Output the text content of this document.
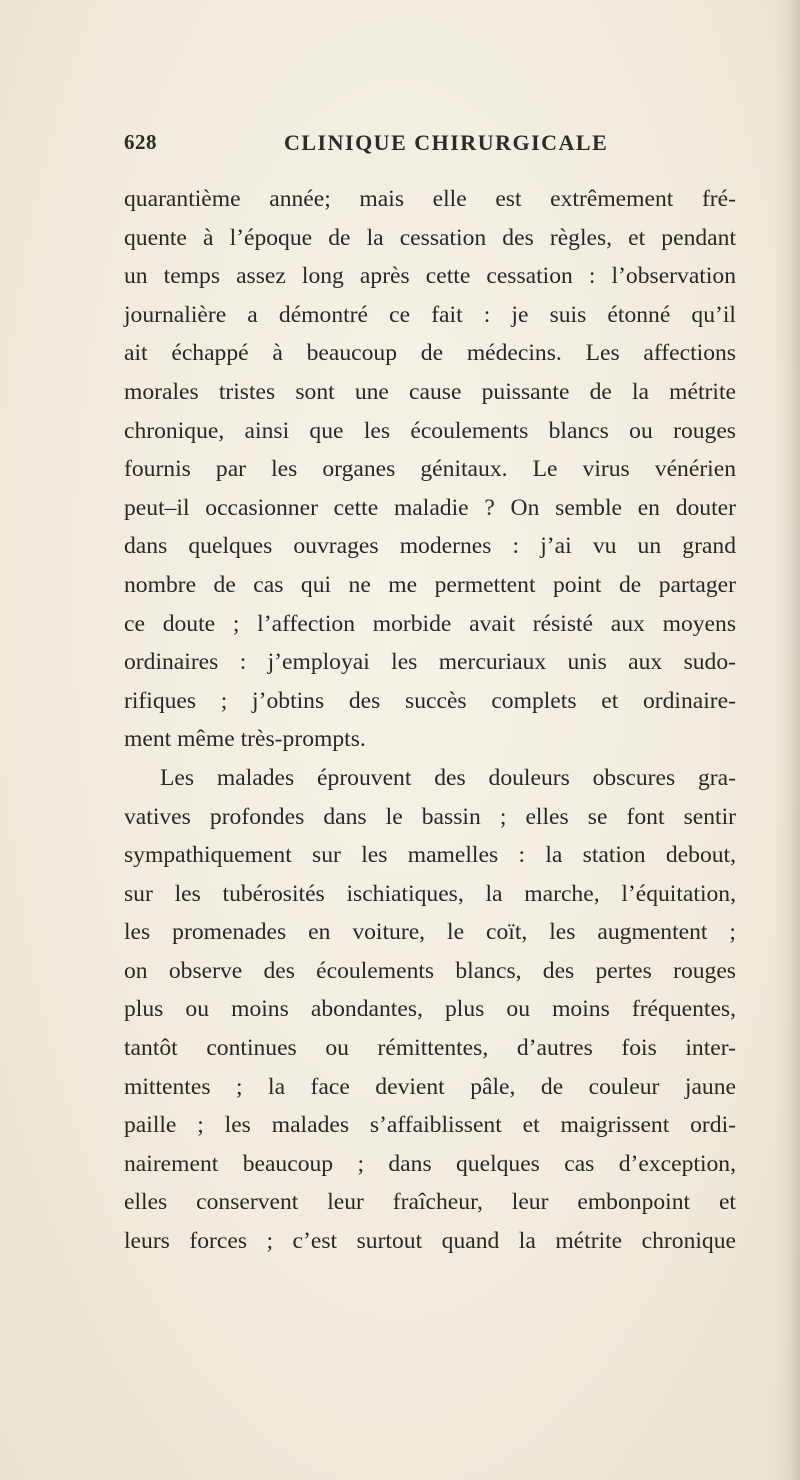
628	CLINIQUE CHIRURGICALE
quarantième année; mais elle est extrêmement fré-
quente à l’époque de la cessation des règles, et pendant
un temps assez long après cette cessation : l’observation
journalière a démontré ce fait : je suis étonné qu’il
ait échappé à beaucoup de médecins. Les affections
morales tristes sont une cause puissante de la métrite
chronique, ainsi que les écoulements blancs ou rouges
fournis par les organes génitaux. Le virus vénérien
peut–il occasionner cette maladie ? On semble en douter
dans quelques ouvrages modernes : j’ai vu un grand
nombre de cas qui ne me permettent point de partager
ce doute ; l’affection morbide avait résisté aux moyens
ordinaires : j’employai les mercuriaux unis aux sudo-
rifiques ; j’obtins des succès complets et ordinaire-
ment même très-prompts.
Les malades éprouvent des douleurs obscures gra-
vatives profondes dans le bassin ; elles se font sentir
sympathiquement sur les mamelles : la station debout,
sur les tubérosités ischiatiques, la marche, l’équitation,
les promenades en voiture, le coït, les augmentent ;
on observe des écoulements blancs, des pertes rouges
plus ou moins abondantes, plus ou moins fréquentes,
tantôt continues ou rémittentes, d’autres fois inter-
mittentes ; la face devient pâle, de couleur jaune
paille ; les malades s’affaiblissent et maigrissent ordi-
nairement beaucoup ; dans quelques cas d’exception,
elles conservent leur fraîcheur, leur embonpoint et
leurs forces ; c’est surtout quand la métrite chronique
